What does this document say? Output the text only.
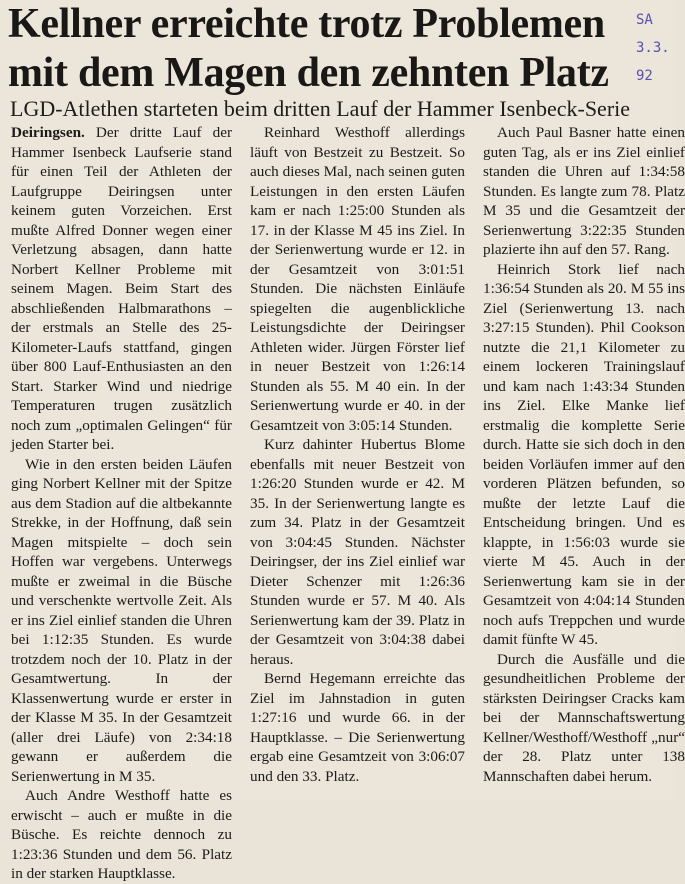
Kellner erreichte trotz Problemen
mit dem Magen den zehnten Platz
SA
3.3.
92
LGD-Atlethen starteten beim dritten Lauf der Hammer Isenbeck-Serie

Deiringsen. Der dritte Lauf der Hammer Isenbeck Laufserie stand für einen Teil der Athleten der Laufgruppe Deiringsen unter keinem guten Vorzeichen. Erst mußte Alfred Donner wegen einer Verletzung absagen, dann hatte Norbert Kellner Probleme mit seinem Magen. Beim Start des abschließenden Halbmarathons – der erstmals an Stelle des 25-Kilometer-Laufs stattfand, gingen über 800 Lauf-Enthusiasten an den Start. Starker Wind und niedrige Temperaturen trugen zusätzlich noch zum „optimalen Gelingen“ für jeden Starter bei.

Wie in den ersten beiden Läufen ging Norbert Kellner mit der Spitze aus dem Stadion auf die altbekannte Strekke, in der Hoffnung, daß sein Magen mitspielte – doch sein Hoffen war vergebens. Unterwegs mußte er zweimal in die Büsche und verschenkte wertvolle Zeit. Als er ins Ziel einlief standen die Uhren bei 1:12:35 Stunden. Es wurde trotzdem noch der 10. Platz in der Gesamtwertung. In der Klassenwertung wurde er erster in der Klasse M 35. In der Gesamtzeit (aller drei Läufe) von 2:34:18 gewann er außerdem die Serienwertung in M 35.

Auch Andre Westhoff hatte es erwischt – auch er mußte in die Büsche. Es reichte dennoch zu 1:23:36 Stunden und dem 56. Platz in der starken Hauptklasse.

Reinhard Westhoff allerdings läuft von Bestzeit zu Bestzeit. So auch dieses Mal, nach seinen guten Leistungen in den ersten Läufen kam er nach 1:25:00 Stunden als 17. in der Klasse M 45 ins Ziel. In der Serienwertung wurde er 12. in der Gesamtzeit von 3:01:51 Stunden. Die nächsten Einläufe spiegelten die augenblickliche Leistungsdichte der Deiringser Athleten wider. Jürgen Förster lief in neuer Bestzeit von 1:26:14 Stunden als 55. M 40 ein. In der Serienwertung wurde er 40. in der Gesamtzeit von 3:05:14 Stunden.

Kurz dahinter Hubertus Blome ebenfalls mit neuer Bestzeit von 1:26:20 Stunden wurde er 42. M 35. In der Serienwertung langte es zum 34. Platz in der Gesamtzeit von 3:04:45 Stunden. Nächster Deiringser, der ins Ziel einlief war Dieter Schenzer mit 1:26:36 Stunden wurde er 57. M 40. Als Serienwertung kam der 39. Platz in der Gesamtzeit von 3:04:38 dabei heraus.

Bernd Hegemann erreichte das Ziel im Jahnstadion in guten 1:27:16 und wurde 66. in der Hauptklasse. – Die Serienwertung ergab eine Gesamtzeit von 3:06:07 und den 33. Platz.

Auch Paul Basner hatte einen guten Tag, als er ins Ziel einlief standen die Uhren auf 1:34:58 Stunden. Es langte zum 78. Platz M 35 und die Gesamtzeit der Serienwertung 3:22:35 Stunden plazierte ihn auf den 57. Rang.

Heinrich Stork lief nach 1:36:54 Stunden als 20. M 55 ins Ziel (Serienwertung 13. nach 3:27:15 Stunden). Phil Cookson nutzte die 21,1 Kilometer zu einem lockeren Trainingslauf und kam nach 1:43:34 Stunden ins Ziel. Elke Manke lief erstmalig die komplette Serie durch. Hatte sie sich doch in den beiden Vorläufen immer auf den vorderen Plätzen befunden, so mußte der letzte Lauf die Entscheidung bringen. Und es klappte, in 1:56:03 wurde sie vierte M 45. Auch in der Serienwertung kam sie in der Gesamtzeit von 4:04:14 Stunden noch aufs Treppchen und wurde damit fünfte W 45.

Durch die Ausfälle und die gesundheitlichen Probleme der stärksten Deiringser Cracks kam bei der Mannschaftswertung Kellner/Westhoff/Westhoff „nur“ der 28. Platz unter 138 Mannschaften dabei herum.
